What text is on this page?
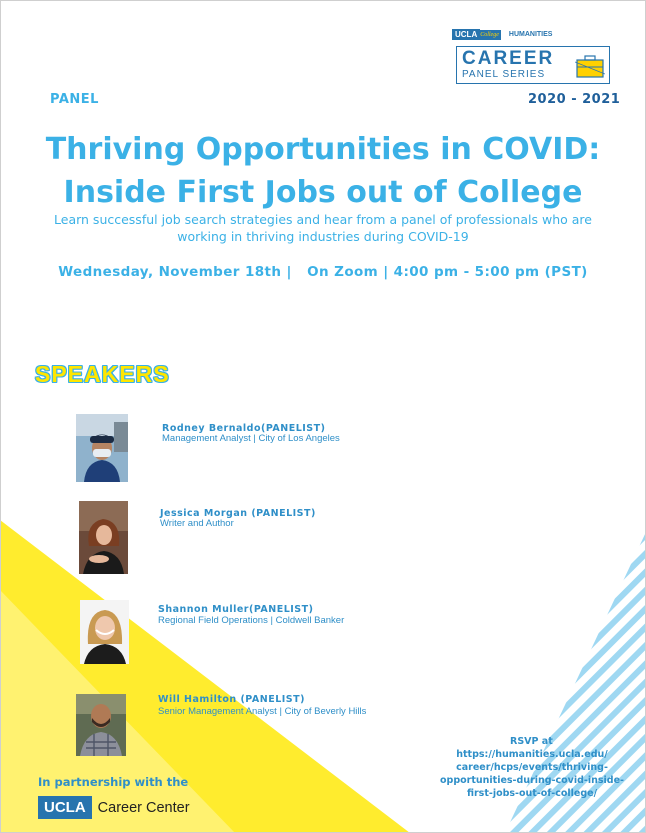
UCLA College HUMANITIES
CAREER
PANEL SERIES
PANEL	2020 - 2021
Thriving Opportunities in COVID:
Inside First Jobs out of College
Learn successful job search strategies and hear from a panel of professionals who are
working in thriving industries during COVID-19
Wednesday, November 18th |   On Zoom | 4:00 pm - 5:00 pm (PST)
SPEAKERS
Rodney Bernaldo(PANELIST)
Management Analyst | City of Los Angeles
Jessica Morgan (PANELIST)
Writer and Author
Shannon Muller(PANELIST)
Regional Field Operations | Coldwell Banker
Will Hamilton (PANELIST)
Senior Management Analyst | City of Beverly Hills
RSVP at
https://humanities.ucla.edu/
career/hcps/events/thriving-
opportunities-during-covid-inside-
first-jobs-out-of-college/
In partnership with the
UCLA Career Center
